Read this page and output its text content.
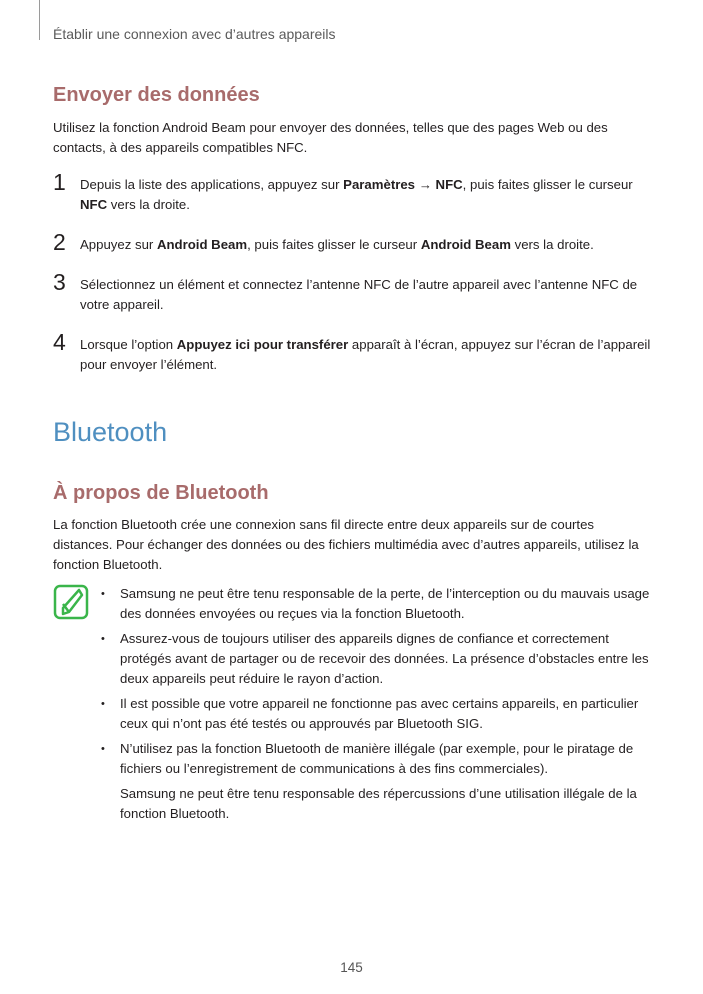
Établir une connexion avec d’autres appareils
Envoyer des données
Utilisez la fonction Android Beam pour envoyer des données, telles que des pages Web ou des contacts, à des appareils compatibles NFC.
1 Depuis la liste des applications, appuyez sur Paramètres → NFC, puis faites glisser le curseur NFC vers la droite.
2 Appuyez sur Android Beam, puis faites glisser le curseur Android Beam vers la droite.
3 Sélectionnez un élément et connectez l’antenne NFC de l’autre appareil avec l’antenne NFC de votre appareil.
4 Lorsque l’option Appuyez ici pour transférer apparaît à l’écran, appuyez sur l’écran de l’appareil pour envoyer l’élément.
Bluetooth
À propos de Bluetooth
La fonction Bluetooth crée une connexion sans fil directe entre deux appareils sur de courtes distances. Pour échanger des données ou des fichiers multimédia avec d’autres appareils, utilisez la fonction Bluetooth.
• Samsung ne peut être tenu responsable de la perte, de l’interception ou du mauvais usage des données envoyées ou reçues via la fonction Bluetooth.
• Assurez-vous de toujours utiliser des appareils dignes de confiance et correctement protégés avant de partager ou de recevoir des données. La présence d’obstacles entre les deux appareils peut réduire le rayon d’action.
• Il est possible que votre appareil ne fonctionne pas avec certains appareils, en particulier ceux qui n’ont pas été testés ou approuvés par Bluetooth SIG.
• N’utilisez pas la fonction Bluetooth de manière illégale (par exemple, pour le piratage de fichiers ou l’enregistrement de communications à des fins commerciales).
Samsung ne peut être tenu responsable des répercussions d’une utilisation illégale de la fonction Bluetooth.
145
